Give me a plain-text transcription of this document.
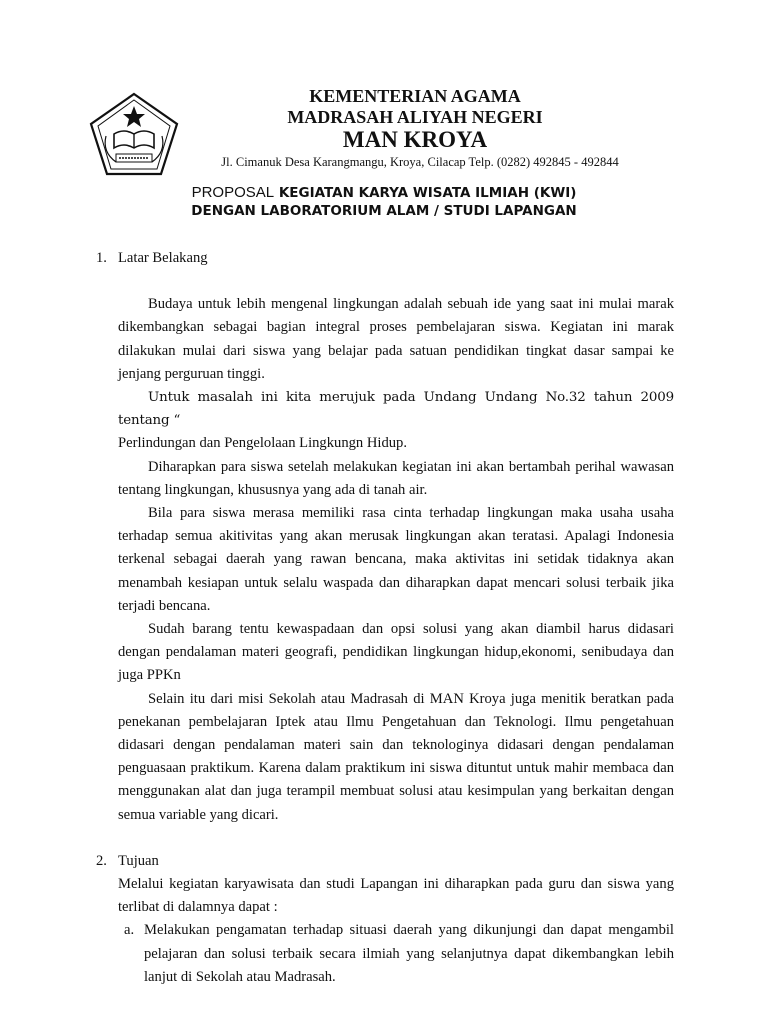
KEMENTERIAN AGAMA
MADRASAH ALIYAH NEGERI
MAN KROYA
Jl. Cimanuk Desa Karangmangu, Kroya, Cilacap Telp. (0282) 492845 - 492844
PROPOSAL KEGIATAN KARYA WISATA ILMIAH (KWI)
DENGAN LABORATORIUM ALAM / STUDI LAPANGAN
1. Latar Belakang

Budaya untuk lebih mengenal lingkungan adalah sebuah ide yang saat ini mulai marak dikembangkan sebagai bagian integral proses pembelajaran siswa. Kegiatan ini marak dilakukan mulai dari siswa yang belajar pada satuan pendidikan tingkat dasar sampai ke jenjang perguruan tinggi.

Untuk masalah ini kita merujuk pada Undang Undang No.32 tahun 2009 tentang “

Perlindungan dan Pengelolaan Lingkungn Hidup.

Diharapkan para siswa setelah melakukan kegiatan ini akan bertambah perihal wawasan tentang lingkungan, khususnya yang ada di tanah air.

Bila para siswa merasa memiliki rasa cinta terhadap lingkungan maka usaha usaha terhadap semua akitivitas yang akan merusak lingkungan akan teratasi. Apalagi Indonesia terkenal sebagai daerah yang rawan bencana, maka aktivitas ini setidak tidaknya akan menambah kesiapan untuk selalu waspada dan diharapkan dapat mencari solusi terbaik jika terjadi bencana.

Sudah barang tentu kewaspadaan dan opsi solusi yang akan diambil harus didasari dengan pendalaman materi geografi, pendidikan lingkungan hidup,ekonomi, senibudaya dan juga PPKn

Selain itu dari misi Sekolah atau Madrasah di MAN Kroya juga menitik beratkan pada penekanan pembelajaran Iptek atau Ilmu Pengetahuan dan Teknologi. Ilmu pengetahuan didasari dengan pendalaman materi sain dan teknologinya didasari dengan pendalaman penguasaan praktikum. Karena dalam praktikum ini siswa dituntut untuk mahir membaca dan menggunakan alat dan juga terampil membuat solusi atau kesimpulan yang berkaitan dengan semua variable yang dicari.

2. Tujuan

Melalui kegiatan karyawisata dan studi Lapangan ini diharapkan pada guru dan siswa yang terlibat di dalamnya dapat :

a. Melakukan pengamatan terhadap situasi daerah yang dikunjungi dan dapat mengambil pelajaran dan solusi terbaik secara ilmiah yang selanjutnya dapat dikembangkan lebih lanjut di Sekolah atau Madrasah.
